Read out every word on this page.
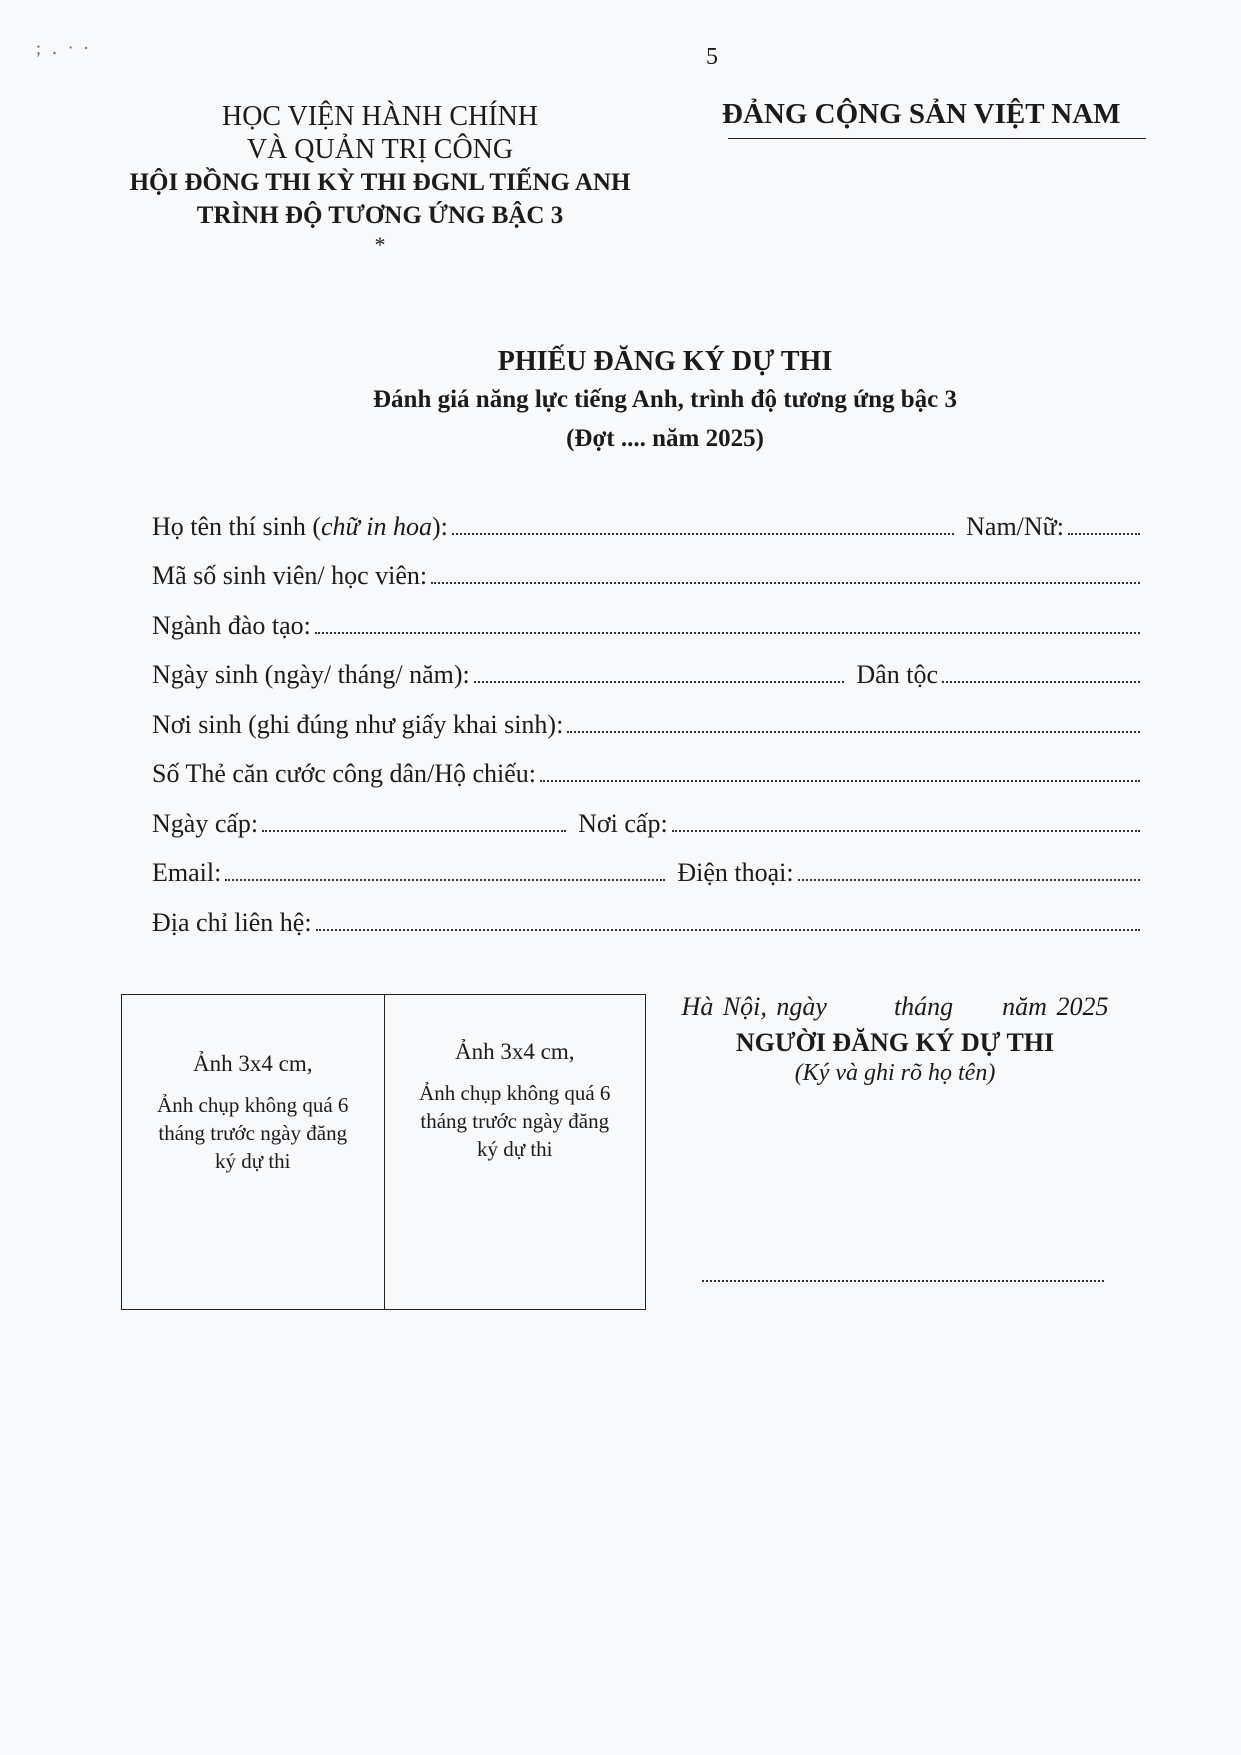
; ․ ᐧ ·	5
HỌC VIỆN HÀNH CHÍNH
VÀ QUẢN TRỊ CÔNG
HỘI ĐỒNG THI KỲ THI ĐGNL TIẾNG ANH
TRÌNH ĐỘ TƯƠNG ỨNG BẬC 3
*
ĐẢNG CỘNG SẢN VIỆT NAM
PHIẾU ĐĂNG KÝ DỰ THI
Đánh giá năng lực tiếng Anh, trình độ tương ứng bậc 3
(Đợt .... năm 2025)
Họ tên thí sinh (chữ in hoa):	Nam/Nữ:
Mã số sinh viên/ học viên:
Ngành đào tạo:
Ngày sinh (ngày/ tháng/ năm):	Dân tộc
Nơi sinh (ghi đúng như giấy khai sinh):
Số Thẻ căn cước công dân/Hộ chiếu:
Ngày cấp:	Nơi cấp:
Email:	Điện thoại:
Địa chỉ liên hệ:
Ảnh 3x4 cm,
Ảnh chụp không quá 6 tháng trước ngày đăng ký dự thi
Ảnh 3x4 cm,
Ảnh chụp không quá 6 tháng trước ngày đăng ký dự thi
Hà Nội, ngày	tháng năm 2025
NGƯỜI ĐĂNG KÝ DỰ THI
(Ký và ghi rõ họ tên)
